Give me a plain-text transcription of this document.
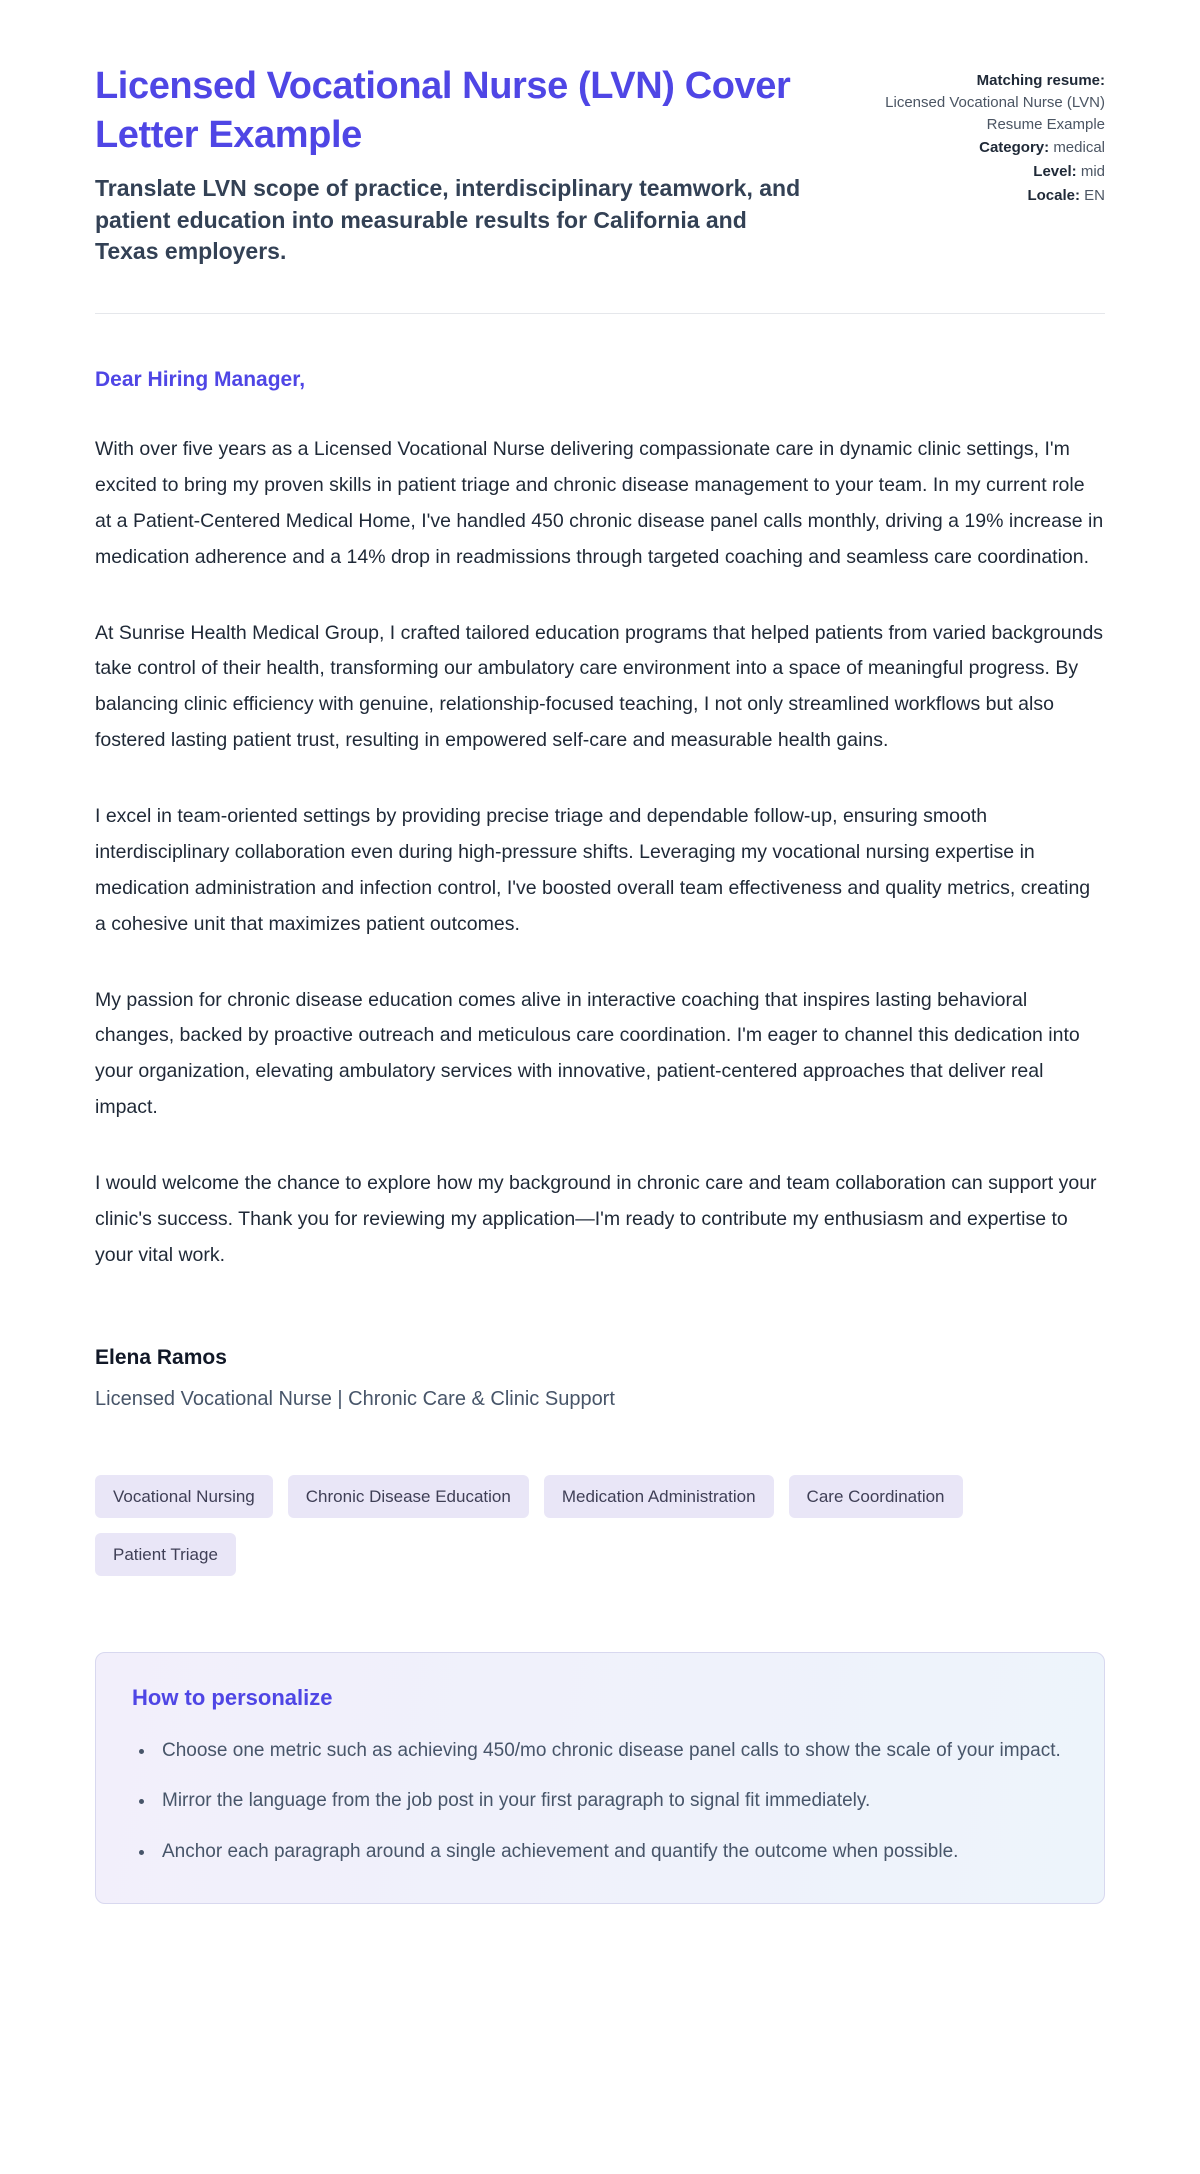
Licensed Vocational Nurse (LVN) Cover Letter Example

Translate LVN scope of practice, interdisciplinary teamwork, and patient education into measurable results for California and Texas employers.

Matching resume:
Licensed Vocational Nurse (LVN) Resume Example
Category: medical
Level: mid
Locale: EN

Dear Hiring Manager,

With over five years as a Licensed Vocational Nurse delivering compassionate care in dynamic clinic settings, I'm excited to bring my proven skills in patient triage and chronic disease management to your team. In my current role at a Patient-Centered Medical Home, I've handled 450 chronic disease panel calls monthly, driving a 19% increase in medication adherence and a 14% drop in readmissions through targeted coaching and seamless care coordination.

At Sunrise Health Medical Group, I crafted tailored education programs that helped patients from varied backgrounds take control of their health, transforming our ambulatory care environment into a space of meaningful progress. By balancing clinic efficiency with genuine, relationship-focused teaching, I not only streamlined workflows but also fostered lasting patient trust, resulting in empowered self-care and measurable health gains.

I excel in team-oriented settings by providing precise triage and dependable follow-up, ensuring smooth interdisciplinary collaboration even during high-pressure shifts. Leveraging my vocational nursing expertise in medication administration and infection control, I've boosted overall team effectiveness and quality metrics, creating a cohesive unit that maximizes patient outcomes.

My passion for chronic disease education comes alive in interactive coaching that inspires lasting behavioral changes, backed by proactive outreach and meticulous care coordination. I'm eager to channel this dedication into your organization, elevating ambulatory services with innovative, patient-centered approaches that deliver real impact.

I would welcome the chance to explore how my background in chronic care and team collaboration can support your clinic's success. Thank you for reviewing my application—I'm ready to contribute my enthusiasm and expertise to your vital work.

Elena Ramos

Licensed Vocational Nurse | Chronic Care & Clinic Support

Vocational Nursing	Chronic Disease Education	Medication Administration	Care Coordination
Patient Triage
How to personalize
• Choose one metric such as achieving 450/mo chronic disease panel calls to show the scale of your impact.
• Mirror the language from the job post in your first paragraph to signal fit immediately.
• Anchor each paragraph around a single achievement and quantify the outcome when possible.
